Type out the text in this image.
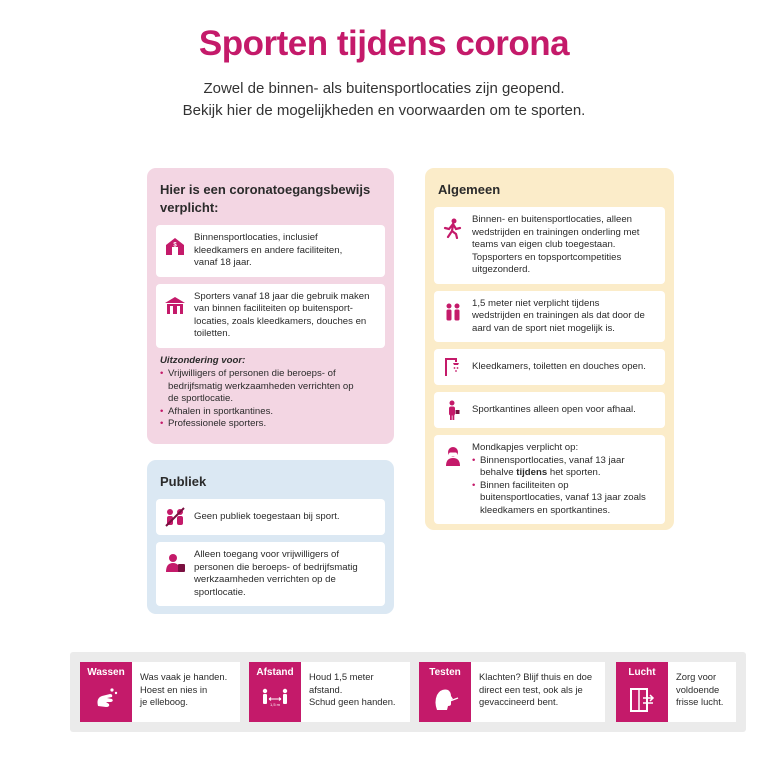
Sporten tijdens corona
Zowel de binnen- als buitensportlocaties zijn geopend.
Bekijk hier de mogelijkheden en voorwaarden om te sporten.
Hier is een coronatoegangsbewijs
verplicht:
$
Binnensportlocaties, inclusief
kleedkamers en andere faciliteiten,
vanaf 18 jaar.
Sporters vanaf 18 jaar die gebruik maken
van binnen faciliteiten op buitensport-
locaties, zoals kleedkamers, douches en
toiletten.
Uitzondering voor:
• Vrijwilligers of personen die beroeps- of
bedrijfsmatig werkzaamheden verrichten op
de sportlocatie.
• Afhalen in sportkantines.
• Professionele sporters.
Publiek
Geen publiek toegestaan bij sport.
Alleen toegang voor vrijwilligers of
personen die beroeps- of bedrijfsmatig
werkzaamheden verrichten op de
sportlocatie.
Algemeen
Binnen- en buitensportlocaties, alleen
wedstrijden en trainingen onderling met
teams van eigen club toegestaan.
Topsporters en topsportcompetities
uitgezonderd.
1,5 meter niet verplicht tijdens
wedstrijden en trainingen als dat door de
aard van de sport niet mogelijk is.
Kleedkamers, toiletten en douches open.
Sportkantines alleen open voor afhaal.
Mondkapjes verplicht op:
• Binnensportlocaties, vanaf 13 jaar
behalve tijdens het sporten.
• Binnen faciliteiten op
buitensportlocaties, vanaf 13 jaar zoals
kleedkamers en sportkantines.
Wassen	Was vaak je handen.
Hoest en nies in
je elleboog.
Afstand
1,5 m
Houd 1,5 meter
afstand.
Schud geen handen.
Testen	Klachten? Blijf thuis en doe
direct een test, ook als je
gevaccineerd bent.
Lucht	Zorg voor
voldoende
frisse lucht.
